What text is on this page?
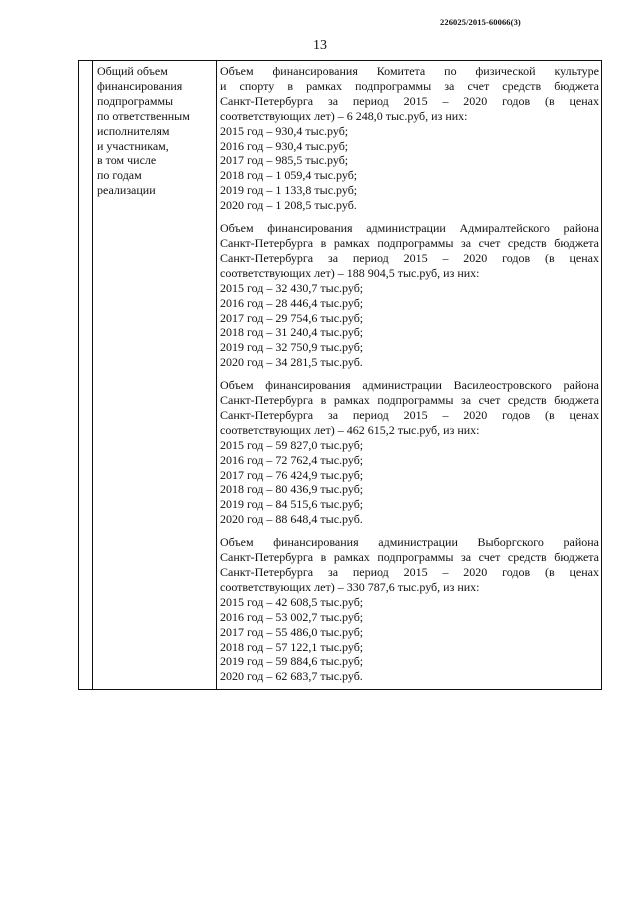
226025/2015-60066(3)
13
Общий объем
финансирования
подпрограммы
по ответственным
исполнителям
и участникам,
в том числе
по годам
реализации
Объем финансирования Комитета по физической культуре
и спорту в рамках подпрограммы за счет средств бюджета
Санкт-Петербурга за период 2015 – 2020 годов (в ценах
соответствующих лет) – 6 248,0 тыс.руб, из них:
2015 год – 930,4 тыс.руб;
2016 год – 930,4 тыс.руб;
2017 год – 985,5 тыс.руб;
2018 год – 1 059,4 тыс.руб;
2019 год – 1 133,8 тыс.руб;
2020 год – 1 208,5 тыс.руб.
Объем финансирования администрации Адмиралтейского района
Санкт-Петербурга в рамках подпрограммы за счет средств бюджета
Санкт-Петербурга за период 2015 – 2020 годов (в ценах
соответствующих лет) – 188 904,5 тыс.руб, из них:
2015 год – 32 430,7 тыс.руб;
2016 год – 28 446,4 тыс.руб;
2017 год – 29 754,6 тыс.руб;
2018 год – 31 240,4 тыс.руб;
2019 год – 32 750,9 тыс.руб;
2020 год – 34 281,5 тыс.руб.
Объем финансирования администрации Василеостровского района
Санкт-Петербурга в рамках подпрограммы за счет средств бюджета
Санкт-Петербурга за период 2015 – 2020 годов (в ценах
соответствующих лет) – 462 615,2 тыс.руб, из них:
2015 год – 59 827,0 тыс.руб;
2016 год – 72 762,4 тыс.руб;
2017 год – 76 424,9 тыс.руб;
2018 год – 80 436,9 тыс.руб;
2019 год – 84 515,6 тыс.руб;
2020 год – 88 648,4 тыс.руб.
Объем финансирования администрации Выборгского района
Санкт-Петербурга в рамках подпрограммы за счет средств бюджета
Санкт-Петербурга за период 2015 – 2020 годов (в ценах
соответствующих лет) – 330 787,6 тыс.руб, из них:
2015 год – 42 608,5 тыс.руб;
2016 год – 53 002,7 тыс.руб;
2017 год – 55 486,0 тыс.руб;
2018 год – 57 122,1 тыс.руб;
2019 год – 59 884,6 тыс.руб;
2020 год – 62 683,7 тыс.руб.
